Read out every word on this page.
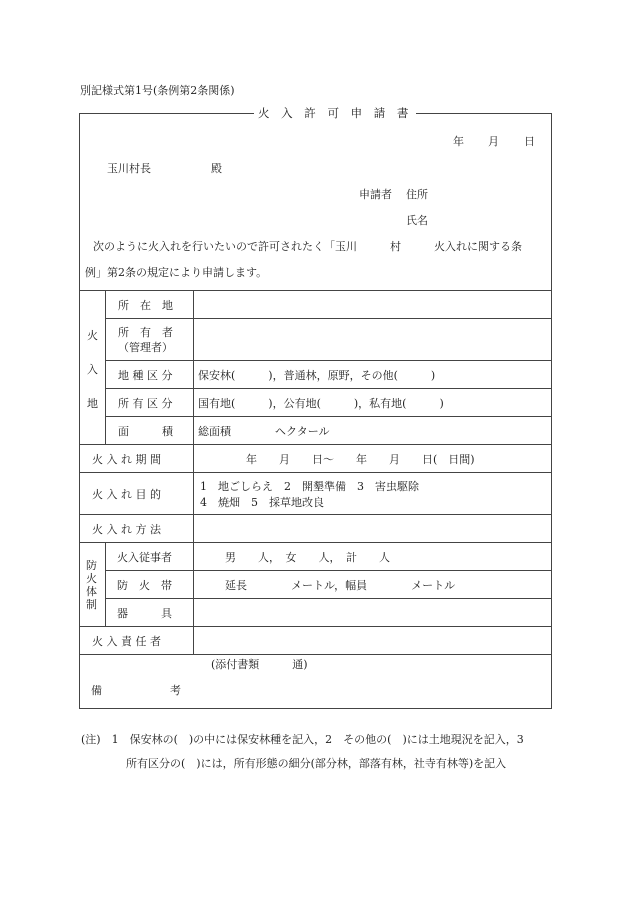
別記様式第1号(条例第2条関係)
火 入 許 可 申 請 書
年 月 日
玉川村長	殿
申請者 住所
氏名
次のように火入れを行いたいので許可されたく「玉川　　　村　　　火入れに関する条
例」第2条の規定により申請します。
火
入
地
所　在　地
所　有　者
（管理者）
地 種 区 分 保安林(　　　)，普通林，原野，その他(　　　)
所 有 区 分 国有地(　　　)，公有地(　　　)，私有地(　　　)
面　　　積 総面積　　　　ヘクタール
火 入 れ 期 間	年　　月　　日～　　年　　月　　日(　日間)
火 入 れ 目 的
1　地ごしらえ　2　開墾準備　3　害虫駆除
4　焼畑　5　採草地改良
火 入 れ 方 法
防
火
体
制
火入従事者	男　　人，　女　　人，　計　　人
防　火　帯	延長　　　　メートル，幅員　　　　メートル
器　　　具
火 入 責 任 者
備	考
(添付書類　　　通)
(注)　1　保安林の(　)の中には保安林種を記入，2　その他の(　)には土地現況を記入，3
所有区分の(　)には，所有形態の細分(部分林，部落有林，社寺有林等)を記入
